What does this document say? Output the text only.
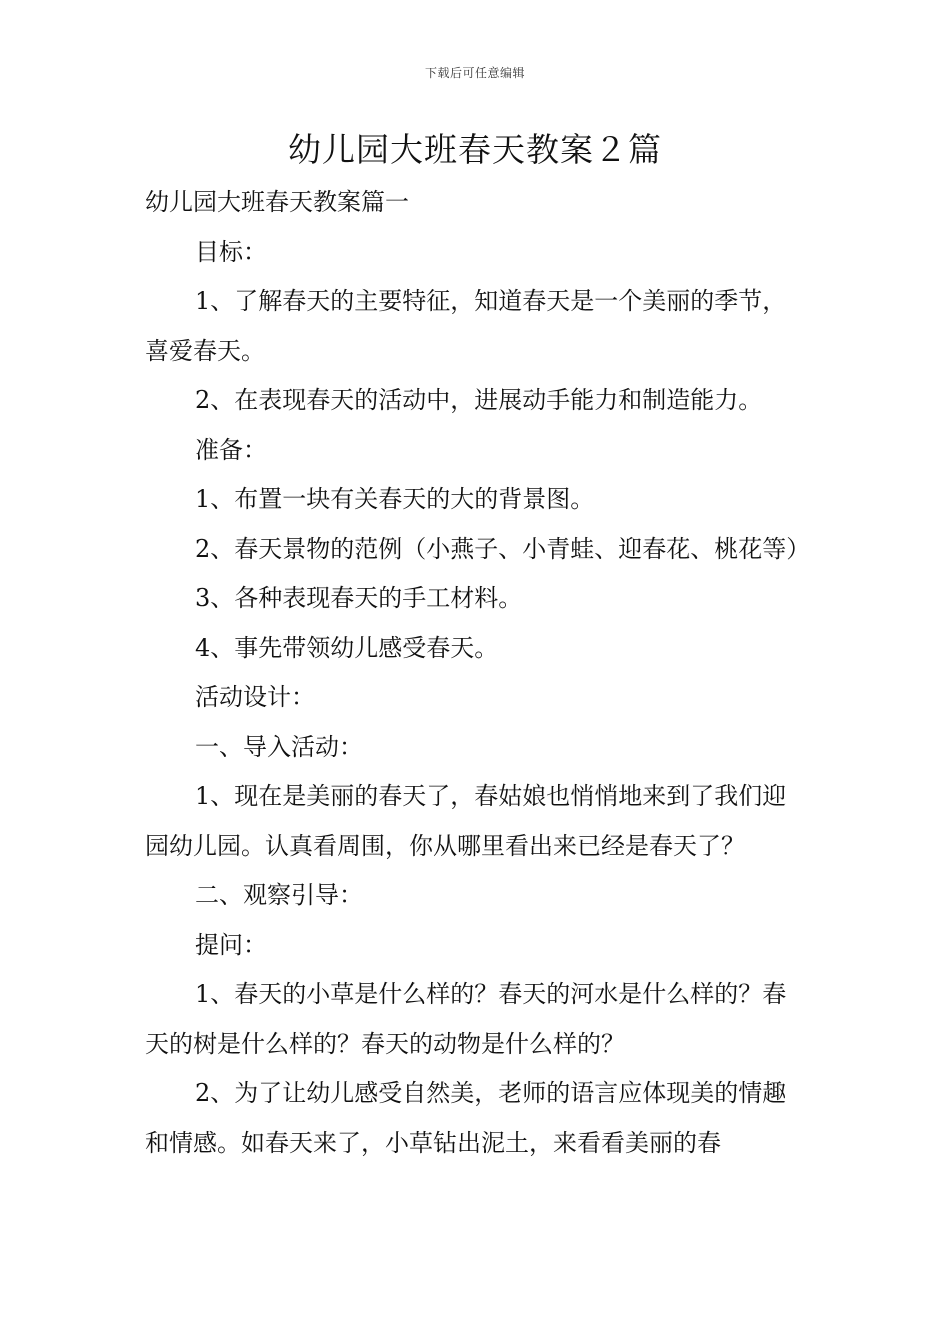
下载后可任意编辑
幼儿园大班春天教案２篇

幼儿园大班春天教案篇一

目标：

1、了解春天的主要特征，知道春天是一个美丽的季节，喜爱春天。

2、在表现春天的活动中，进展动手能力和制造能力。

准备：

1、布置一块有关春天的大的背景图。

2、春天景物的范例（小燕子、小青蛙、迎春花、桃花等）

3、各种表现春天的手工材料。

4、事先带领幼儿感受春天。

活动设计：

一、导入活动：

1、现在是美丽的春天了，春姑娘也悄悄地来到了我们迎园幼儿园。认真看周围，你从哪里看出来已经是春天了？

二、观察引导：

提问：

1、春天的小草是什么样的？春天的河水是什么样的？春天的树是什么样的？春天的动物是什么样的？

2、为了让幼儿感受自然美，老师的语言应体现美的情趣和情感。如春天来了，小草钻出泥土，来看看美丽的春
